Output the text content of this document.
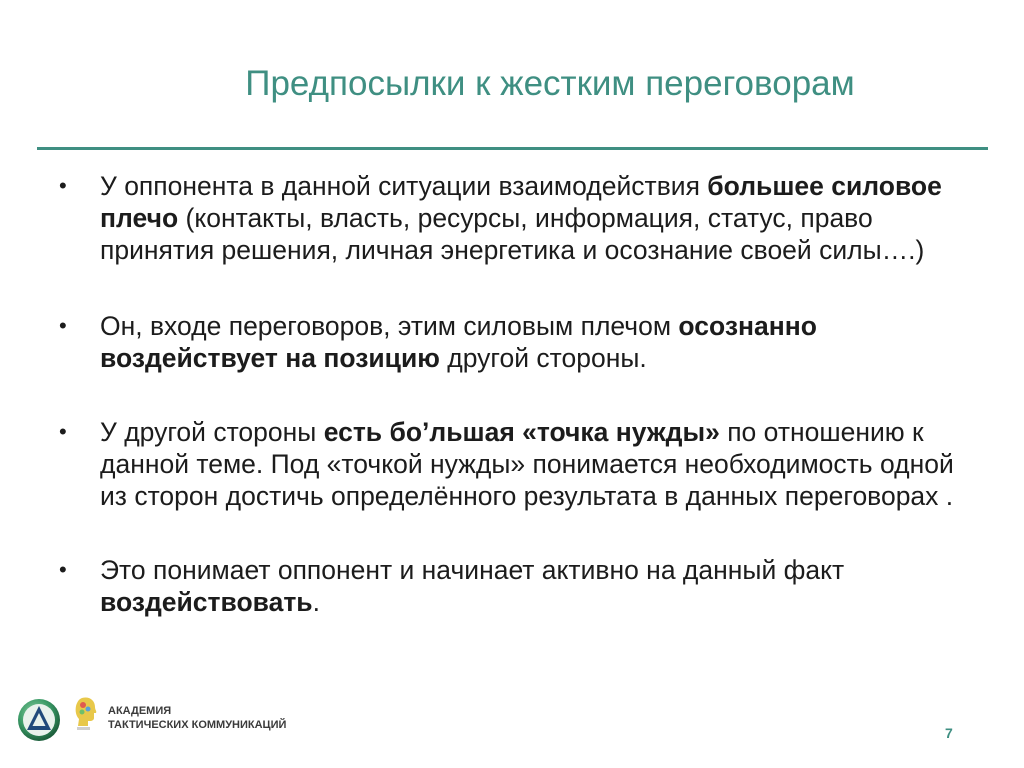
Предпосылки к жестким переговорам
• У оппонента в данной ситуации взаимодействия большее силовое плечо (контакты, власть, ресурсы, информация, статус, право принятия решения, личная энергетика и осознание своей силы….)
• Он, входе переговоров, этим силовым плечом осознанно воздействует на позицию другой стороны.
• У другой стороны есть бо’льшая «точка нужды» по отношению к данной теме. Под «точкой нужды» понимается необходимость одной из сторон достичь определённого результата в данных переговорах .
• Это понимает оппонент и начинает активно на данный факт воздействовать.
АКАДЕМИЯ
ТАКТИЧЕСКИХ КОММУНИКАЦИЙ	7
